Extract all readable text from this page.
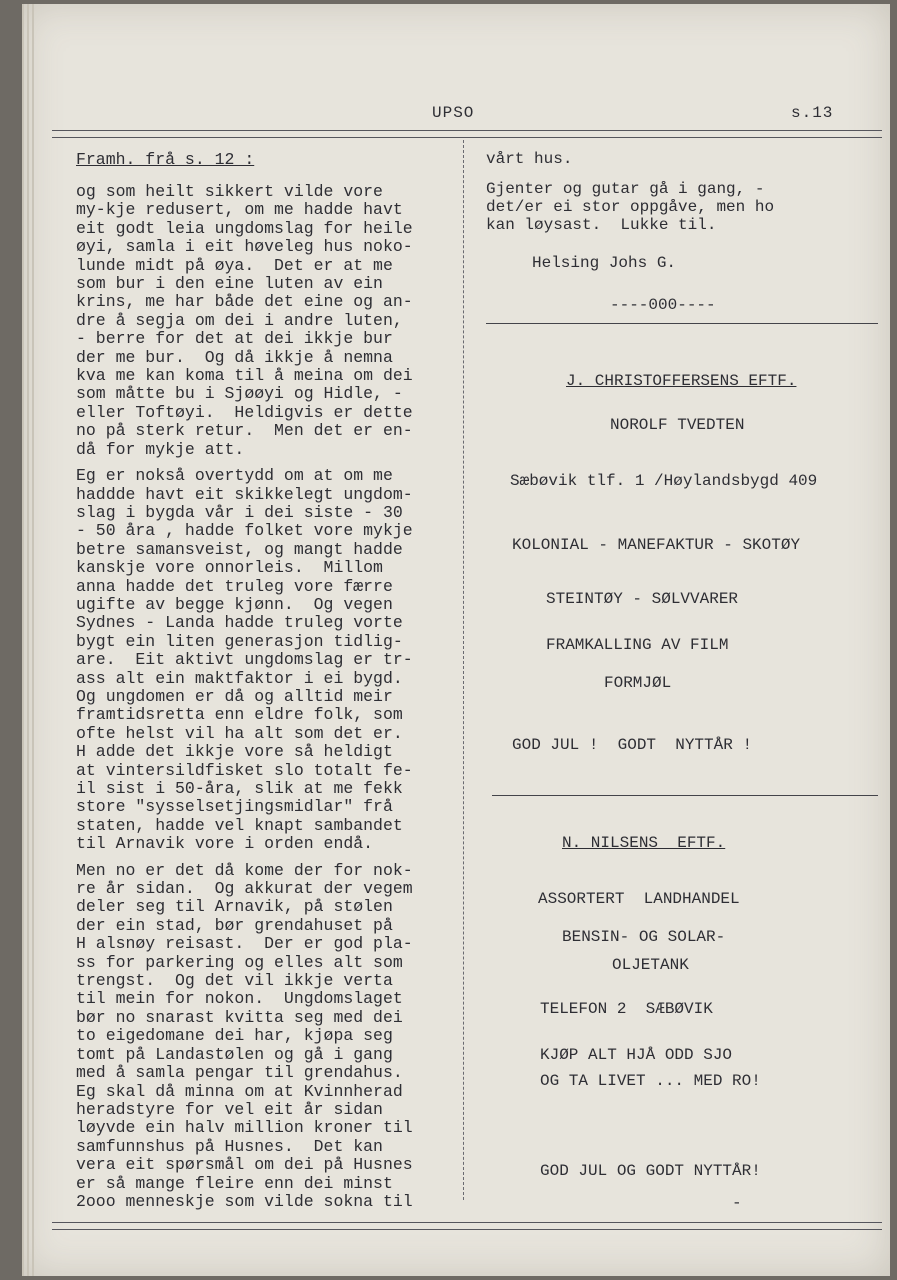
UPSO	s.13
Framh. frå s. 12 :
og som heilt sikkert vilde vore
my-kje redusert, om me hadde havt
eit godt leia ungdomslag for heile
øyi, samla i eit høveleg hus noko-
lunde midt på øya.  Det er at me
som bur i den eine luten av ein
krins, me har både det eine og an-
dre å segja om dei i andre luten,
- berre for det at dei ikkje bur
der me bur.  Og då ikkje å nemna
kva me kan koma til å meina om dei
som måtte bu i Sjøøyi og Hidle, -
eller Toftøyi.  Heldigvis er dette
no på sterk retur.  Men det er en-
då for mykje att.
Eg er nokså overtydd om at om me
haddde havt eit skikkelegt ungdom-
slag i bygda vår i dei siste - 30
- 50 åra , hadde folket vore mykje
betre samansveist, og mangt hadde
kanskje vore onnorleis.  Millom
anna hadde det truleg vore færre
ugifte av begge kjønn.  Og vegen
Sydnes - Landa hadde truleg vorte
bygt ein liten generasjon tidlig-
are.  Eit aktivt ungdomslag er tr-
ass alt ein maktfaktor i ei bygd.
Og ungdomen er då og alltid meir
framtidsretta enn eldre folk, som
ofte helst vil ha alt som det er.
H adde det ikkje vore så heldigt
at vintersildfisket slo totalt fe-
il sist i 50-åra, slik at me fekk
store "sysselsetjingsmidlar" frå
staten, hadde vel knapt sambandet
til Arnavik vore i orden endå.
Men no er det då kome der for nok-
re år sidan.  Og akkurat der vegem
deler seg til Arnavik, på stølen
der ein stad, bør grendahuset på
H alsnøy reisast.  Der er god pla-
ss for parkering og elles alt som
trengst.  Og det vil ikkje verta
til mein for nokon.  Ungdomslaget
bør no snarast kvitta seg med dei
to eigedomane dei har, kjøpa seg
tomt på Landastølen og gå i gang
med å samla pengar til grendahus.
Eg skal då minna om at Kvinnherad
heradstyre for vel eit år sidan
løyvde ein halv million kroner til
samfunnshus på Husnes.  Det kan
vera eit spørsmål om dei på Husnes
er så mange fleire enn dei minst
2ooo menneskje som vilde sokna til
vårt hus.
Gjenter og gutar gå i gang, -
det/er ei stor oppgåve, men ho
kan løysast.  Lukke til.
Helsing Johs G.
----000----
J. CHRISTOFFERSENS EFTF.
NOROLF TVEDTEN
Sæbøvik tlf. 1 /Høylandsbygd 409
KOLONIAL - MANEFAKTUR - SKOTØY
STEINTØY - SØLVVARER
FRAMKALLING AV FILM
FORMJØL
GOD JUL !  GODT  NYTTÅR !
N. NILSENS  EFTF.
ASSORTERT  LANDHANDEL
BENSIN- OG SOLAR-
OLJETANK
TELEFON 2  SÆBØVIK
KJØP ALT HJÅ ODD SJO
OG TA LIVET ... MED RO!
GOD JUL OG GODT NYTTÅR!
-
